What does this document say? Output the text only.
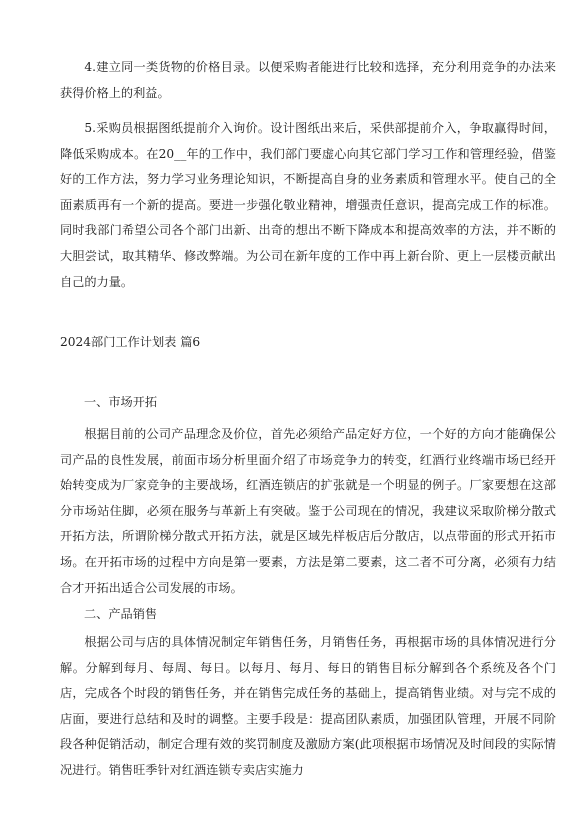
4.建立同一类货物的价格目录。以便采购者能进行比较和选择，充分利用竞争的办法来获得价格上的利益。

5.采购员根据图纸提前介入询价。设计图纸出来后，采供部提前介入，争取赢得时间，降低采购成本。在20__年的工作中，我们部门要虚心向其它部门学习工作和管理经验，借鉴好的工作方法，努力学习业务理论知识，不断提高自身的业务素质和管理水平。使自己的全面素质再有一个新的提高。要进一步强化敬业精神，增强责任意识，提高完成工作的标准。同时我部门希望公司各个部门出新、出奇的想出不断下降成本和提高效率的方法，并不断的大胆尝试，取其精华、修改弊端。为公司在新年度的工作中再上新台阶、更上一层楼贡献出自己的力量。

2024部门工作计划表 篇6

一、市场开拓

根据目前的公司产品理念及价位，首先必须给产品定好方位，一个好的方向才能确保公司产品的良性发展，前面市场分析里面介绍了市场竞争力的转变，红酒行业终端市场已经开始转变成为厂家竞争的主要战场，红酒连锁店的扩张就是一个明显的例子。厂家要想在这部分市场站住脚，必须在服务与革新上有突破。鉴于公司现在的情况，我建议采取阶梯分散式开拓方法，所谓阶梯分散式开拓方法，就是区域先样板店后分散店，以点带面的形式开拓市场。在开拓市场的过程中方向是第一要素，方法是第二要素，这二者不可分离，必须有力结合才开拓出适合公司发展的市场。

二、产品销售

根据公司与店的具体情况制定年销售任务，月销售任务，再根据市场的具体情况进行分解。分解到每月、每周、每日。以每月、每月、每日的销售目标分解到各个系统及各个门店，完成各个时段的销售任务，并在销售完成任务的基础上，提高销售业绩。对与完不成的店面，要进行总结和及时的调整。主要手段是：提高团队素质，加强团队管理，开展不同阶段各种促销活动，制定合理有效的奖罚制度及激励方案(此项根据市场情况及时间段的实际情况进行。销售旺季针对红酒连锁专卖店实施力
